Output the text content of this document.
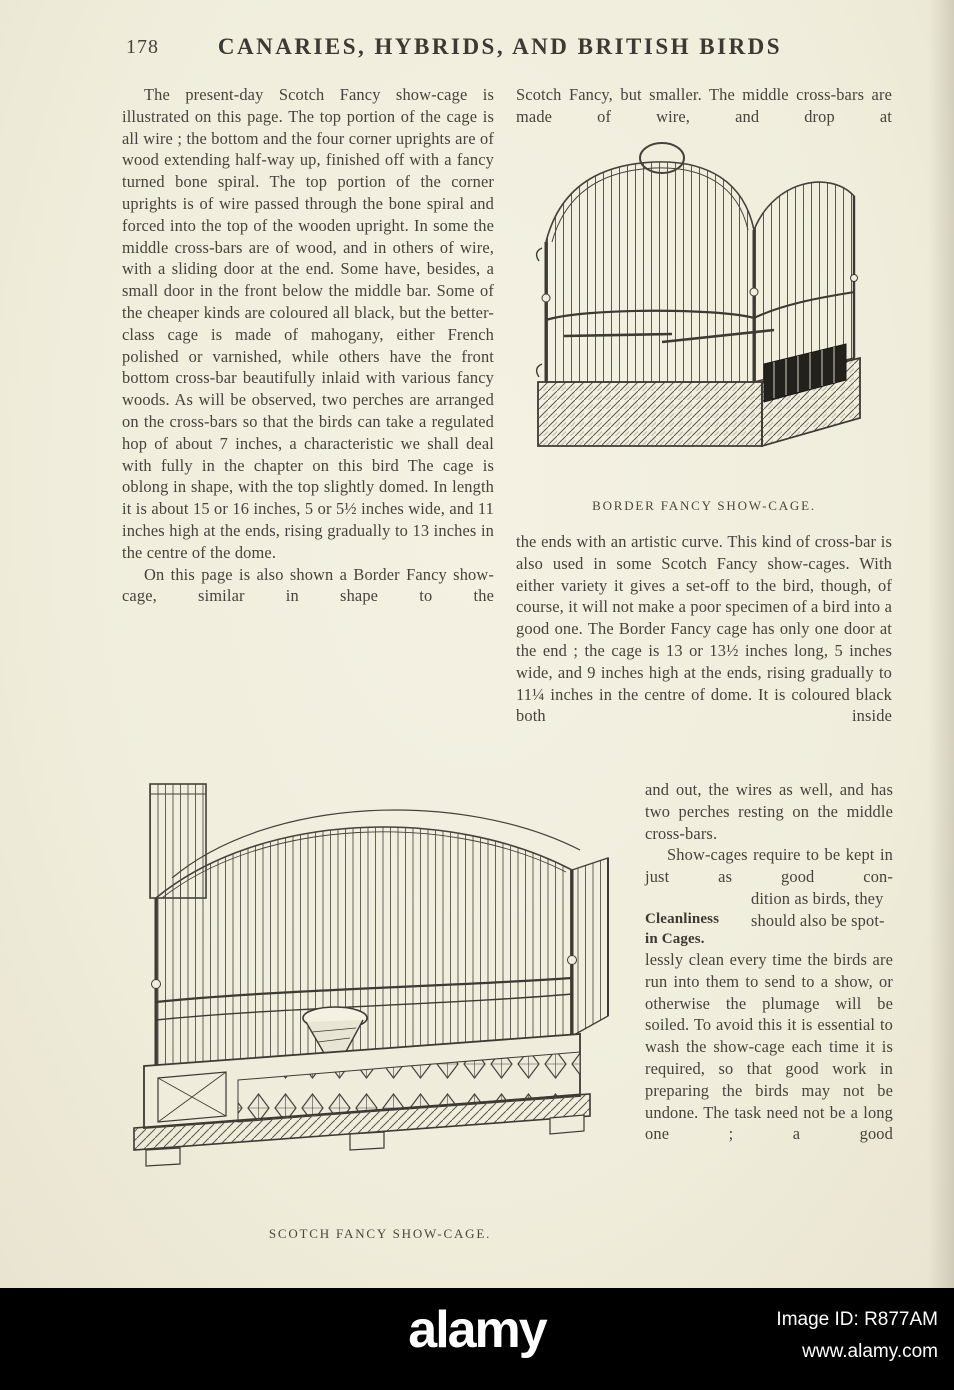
178	CANARIES, HYBRIDS, AND BRITISH BIRDS

The present-day Scotch Fancy show-cage is illustrated on this page. The top portion of the cage is all wire ; the bottom and the four corner uprights are of wood extending half-way up, finished off with a fancy turned bone spiral. The top portion of the corner uprights is of wire passed through the bone spiral and forced into the top of the wooden upright. In some the middle cross-bars are of wood, and in others of wire, with a sliding door at the end. Some have, besides, a small door in the front below the middle bar. Some of the cheaper kinds are coloured all black, but the better-class cage is made of mahogany, either French polished or varnished, while others have the front bottom cross-bar beautifully inlaid with various fancy woods. As will be observed, two perches are arranged on the cross-bars so that the birds can take a regulated hop of about 7 inches, a characteristic we shall deal with fully in the chapter on this bird The cage is oblong in shape, with the top slightly domed. In length it is about 15 or 16 inches, 5 or 5½ inches wide, and 11 inches high at the ends, rising gradually to 13 inches in the centre of the dome.

On this page is also shown a Border Fancy show-cage, similar in shape to the

Scotch Fancy, but smaller. The middle cross-bars are made of wire, and drop at

BORDER FANCY SHOW-CAGE.

the ends with an artistic curve. This kind of cross-bar is also used in some Scotch Fancy show-cages. With either variety it gives a set-off to the bird, though, of course, it will not make a poor specimen of a bird into a good one. The Border Fancy cage has only one door at the end ; the cage is 13 or 13½ inches long, 5 inches wide, and 9 inches high at the ends, rising gradually to 11¼ inches in the centre of dome. It is coloured black both inside

SCOTCH FANCY SHOW-CAGE.

and out, the wires as well, and has two perches resting on the middle cross-bars.

Show-cages require to be kept in just as good con-

Cleanliness
in Cages.
dition as birds, they should also be spot-

lessly clean every time the birds are run into them to send to a show, or otherwise the plumage will be soiled. To avoid this it is essential to wash the show-cage each time it is required, so that good work in preparing the birds may not be undone. The task need not be a long one ; a good

alamy	Image ID: R877AM
www.alamy.com
